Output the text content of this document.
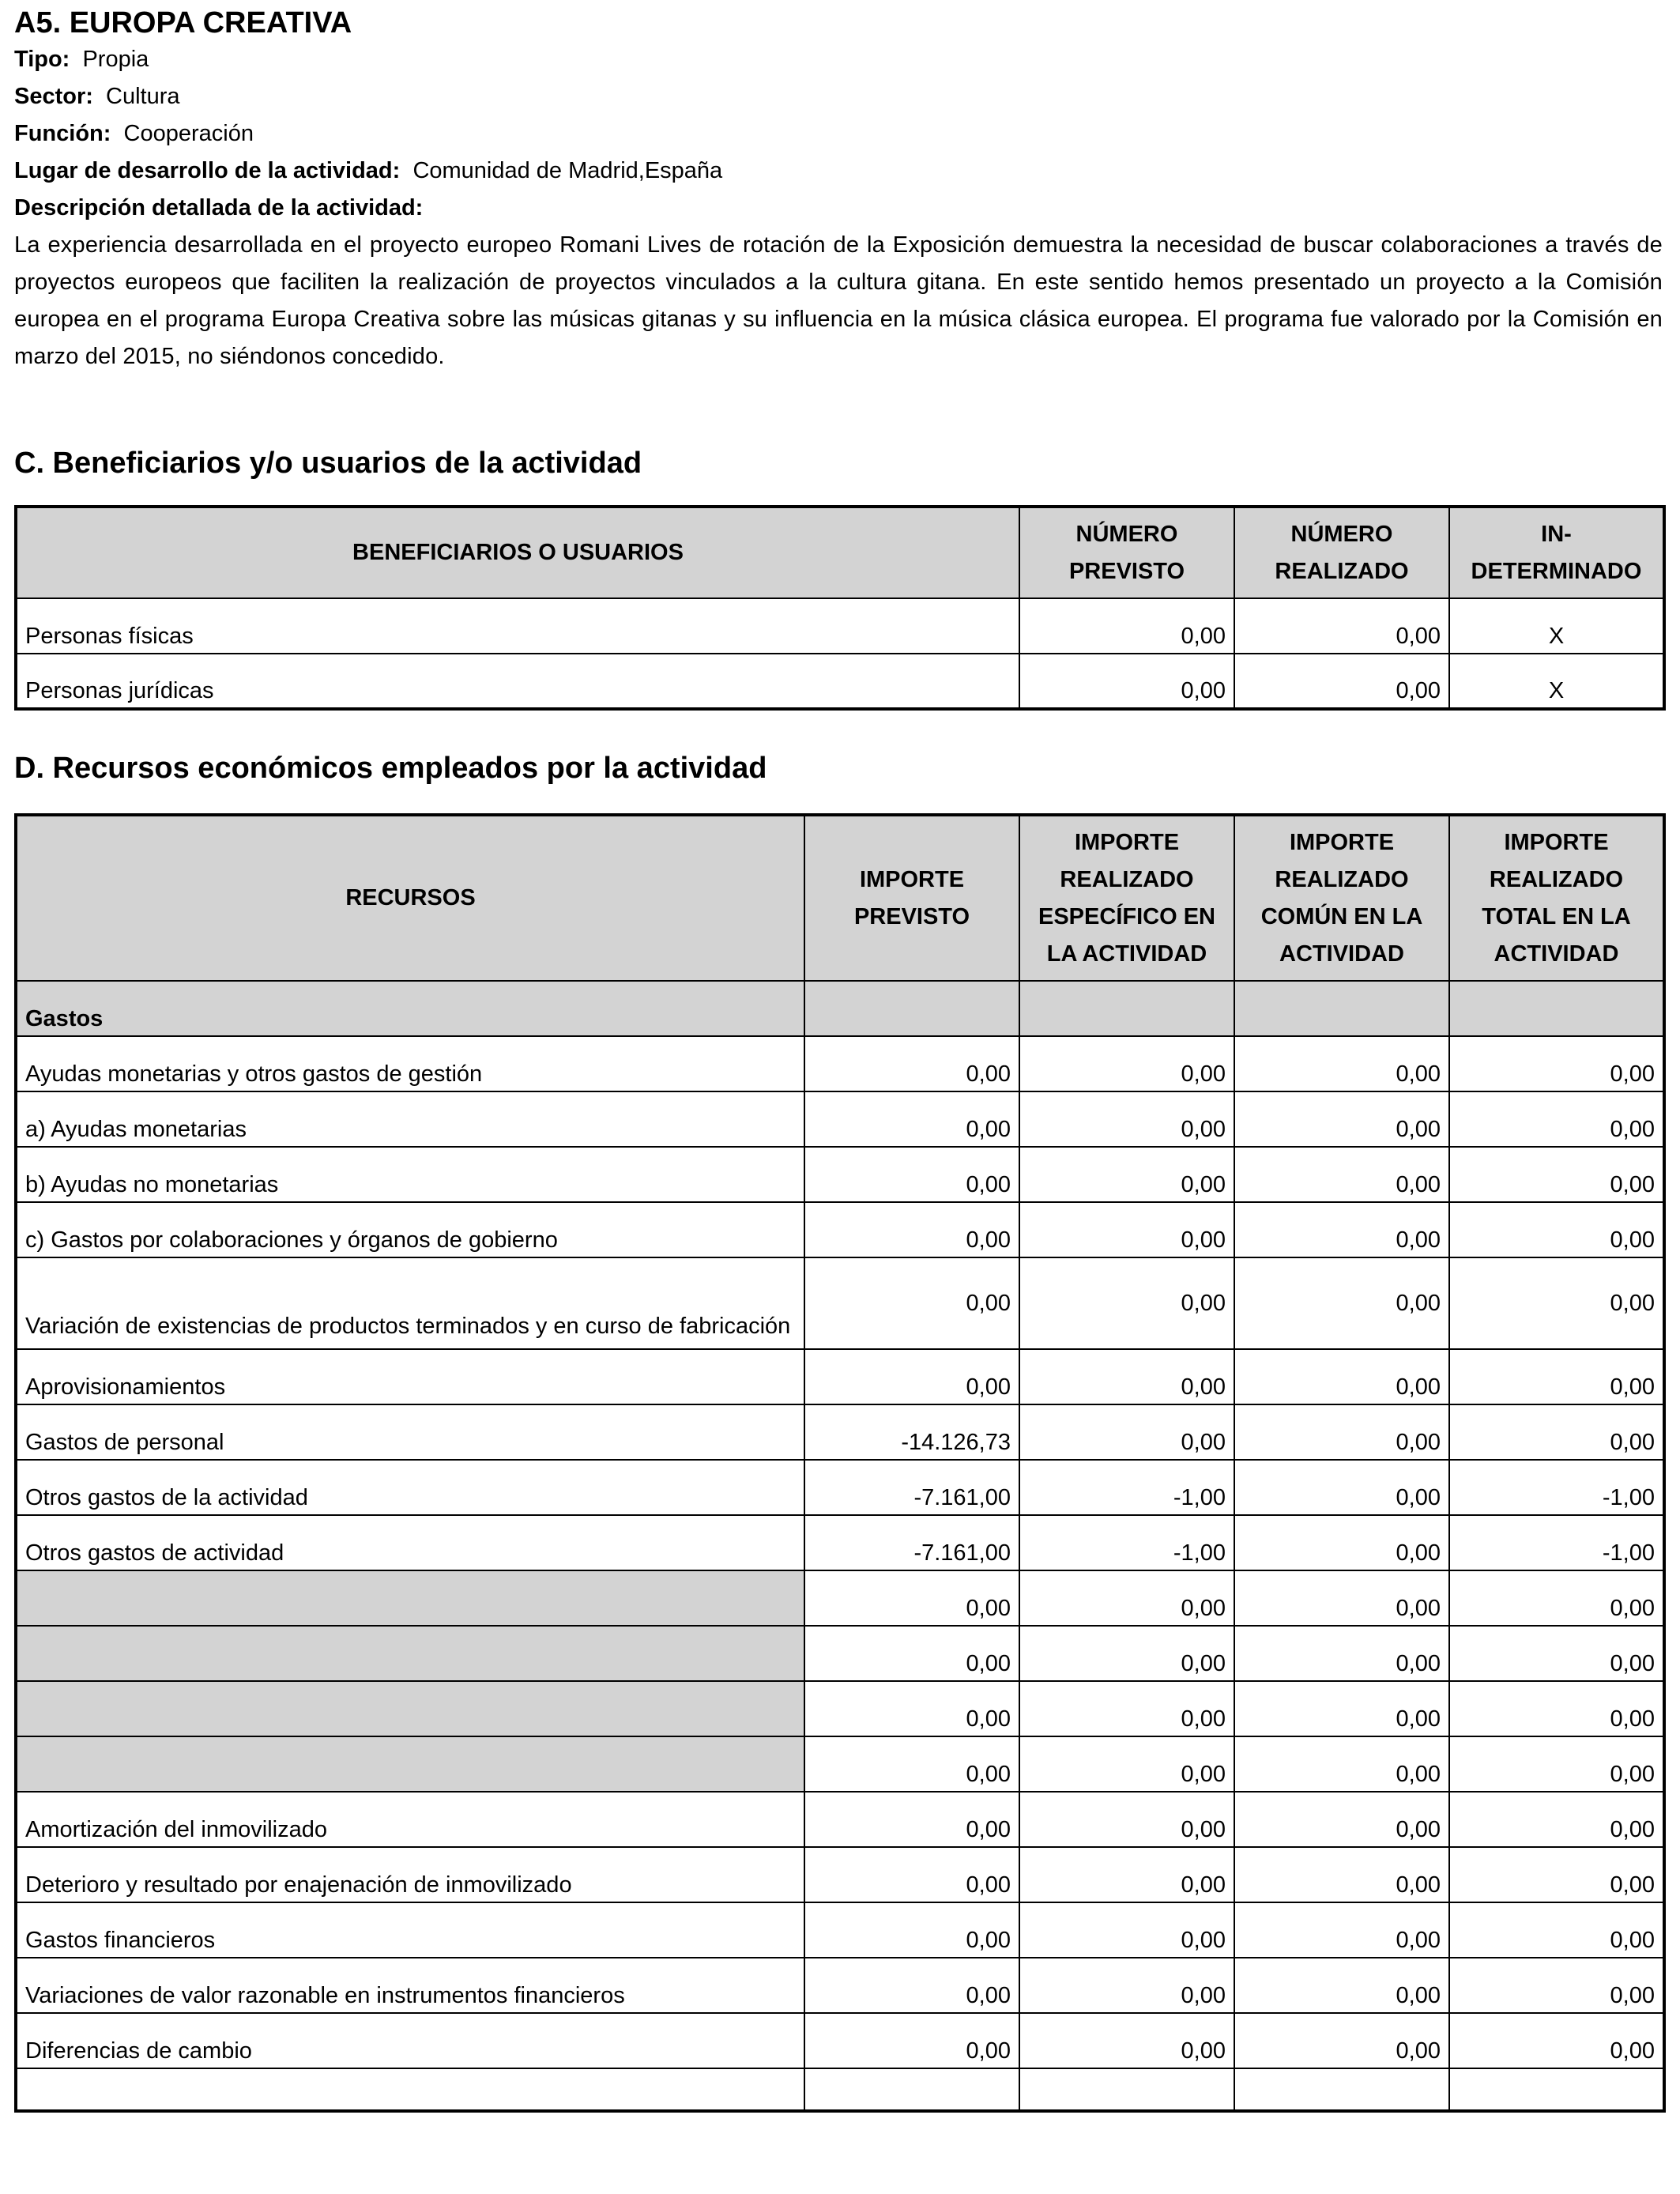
A5. EUROPA CREATIVA
Tipo: Propia
Sector: Cultura
Función: Cooperación
Lugar de desarrollo de la actividad: Comunidad de Madrid,España
Descripción detallada de la actividad:
La experiencia desarrollada en el proyecto europeo Romani Lives de rotación de la Exposición demuestra la necesidad de buscar colaboraciones a través de proyectos europeos que faciliten la realización de proyectos vinculados a la cultura gitana. En este sentido hemos presentado un proyecto a la Comisión europea en el programa Europa Creativa sobre las músicas gitanas y su influencia en la música clásica europea. El programa fue valorado por la Comisión en marzo del 2015, no siéndonos concedido.
C. Beneficiarios y/o usuarios de la actividad
BENEFICIARIOS O USUARIOS	NÚMERO PREVISTO	NÚMERO REALIZADO	IN-DETERMINADO
Personas físicas	0,00	0,00	X
Personas jurídicas	0,00	0,00	X
D. Recursos económicos empleados por la actividad
RECURSOS	IMPORTE PREVISTO	IMPORTE REALIZADO ESPECÍFICO EN LA ACTIVIDAD	IMPORTE REALIZADO COMÚN EN LA ACTIVIDAD	IMPORTE REALIZADO TOTAL EN LA ACTIVIDAD
Gastos				
Ayudas monetarias y otros gastos de gestión	0,00	0,00	0,00	0,00
a) Ayudas monetarias	0,00	0,00	0,00	0,00
b) Ayudas no monetarias	0,00	0,00	0,00	0,00
c) Gastos por colaboraciones y órganos de gobierno	0,00	0,00	0,00	0,00
Variación de existencias de productos terminados y en curso de fabricación	0,00	0,00	0,00	0,00
Aprovisionamientos	0,00	0,00	0,00	0,00
Gastos de personal	-14.126,73	0,00	0,00	0,00
Otros gastos de la actividad	-7.161,00	-1,00	0,00	-1,00
Otros gastos de actividad	-7.161,00	-1,00	0,00	-1,00
	0,00	0,00	0,00	0,00
	0,00	0,00	0,00	0,00
	0,00	0,00	0,00	0,00
	0,00	0,00	0,00	0,00
Amortización del inmovilizado	0,00	0,00	0,00	0,00
Deterioro y resultado por enajenación de inmovilizado	0,00	0,00	0,00	0,00
Gastos financieros	0,00	0,00	0,00	0,00
Variaciones de valor razonable en instrumentos financieros	0,00	0,00	0,00	0,00
Diferencias de cambio	0,00	0,00	0,00	0,00
